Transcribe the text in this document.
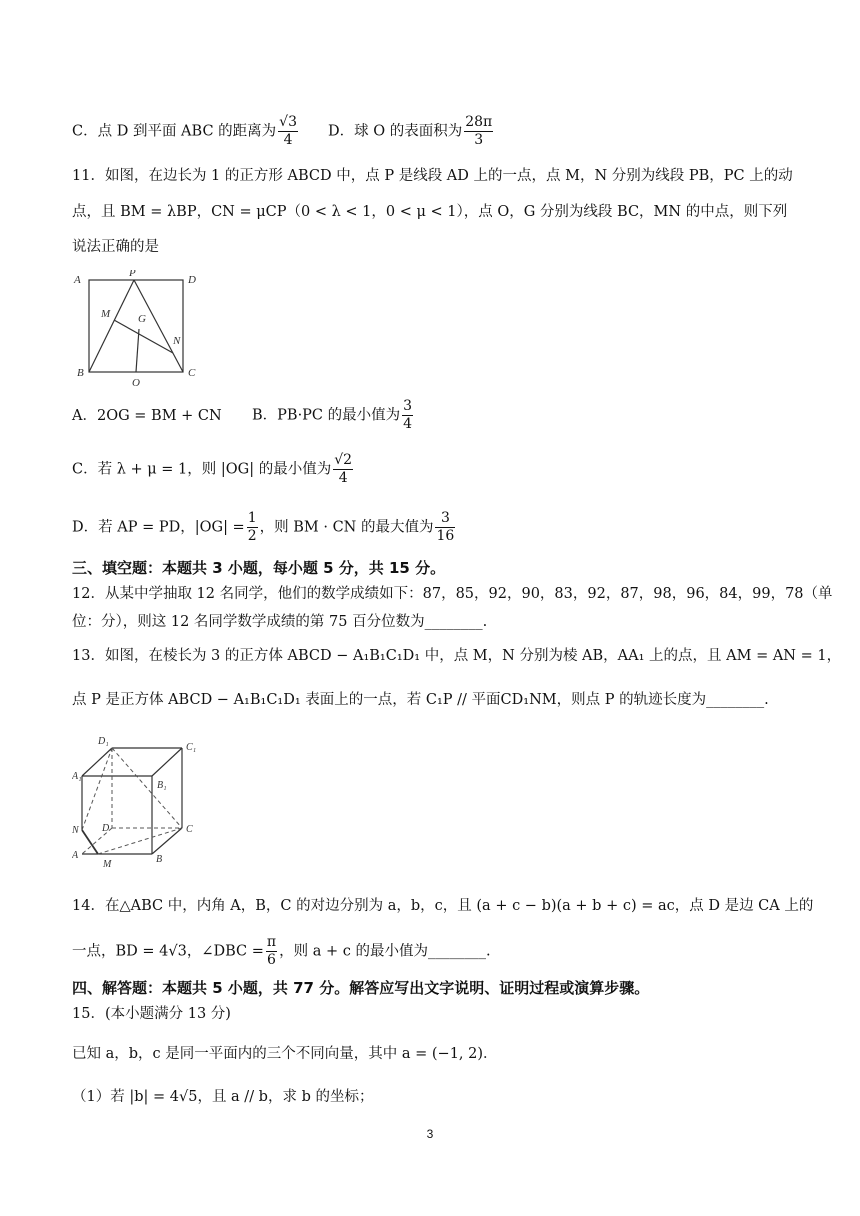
C．点 D 到平面 ABC 的距离为 $\frac{√3}{4}$ D．球 O 的表面积为 $\frac{28\pi}{3}$
11．如图，在边长为 1 的正方形 ABCD 中，点 P 是线段 AD 上的一点，点 M，N 分别为线段 PB，PC 上的动
点，且 BM = λBP，CN = μCP（0 < λ < 1，0 < μ < 1），点 O，G 分别为线段 BC，MN 的中点，则下列
说法正确的是
A
P
D
M	G
N
B
O
C
A．2OG = BM + CN B．PB·PC 的最小值为 $\frac{3}{4}$
C．若 λ + μ = 1，则 |OG| 的最小值为 $\frac{√2}{4}$
D．若 AP = PD，$|OG| = \frac{1}{2}$ ，则 BM · CN 的最大值为 $\frac{3}{16}$
三、填空题：本题共 3 小题，每小题 5 分，共 15 分。
12．从某中学抽取 12 名同学，他们的数学成绩如下：87，85，92，90，83，92，87，98，96，84，99，78（单
位：分），则这 12 名同学数学成绩的第 75 百分位数为________.
13．如图，在棱长为 3 的正方体 ABCD − A₁B₁C₁D₁ 中，点 M，N 分别为棱 AB，AA₁ 上的点，且 AM = AN = 1，
点 P 是正方体 ABCD − A₁B₁C₁D₁ 表面上的一点，若 C₁P // 平面CD₁NM，则点 P 的轨迹长度为________.
D₁
C₁
A₁
B₁
N D	C
A
M	B
14．在△ABC 中，内角 A，B，C 的对边分别为 a，b，c，且 (a + c − b)(a + b + c) = ac，点 D 是边 CA 上的
一点，BD = 4√3，∠DBC = $\frac{\pi}{6}$ ，则 a + c 的最小值为________.
四、解答题：本题共 5 小题，共 77 分。解答应写出文字说明、证明过程或演算步骤。
15．(本小题满分 13 分)
已知 a，b，c 是同一平面内的三个不同向量，其中 a = (−1, 2)．
（1）若 |b| = 4√5，且 a // b，求 b 的坐标；
3
